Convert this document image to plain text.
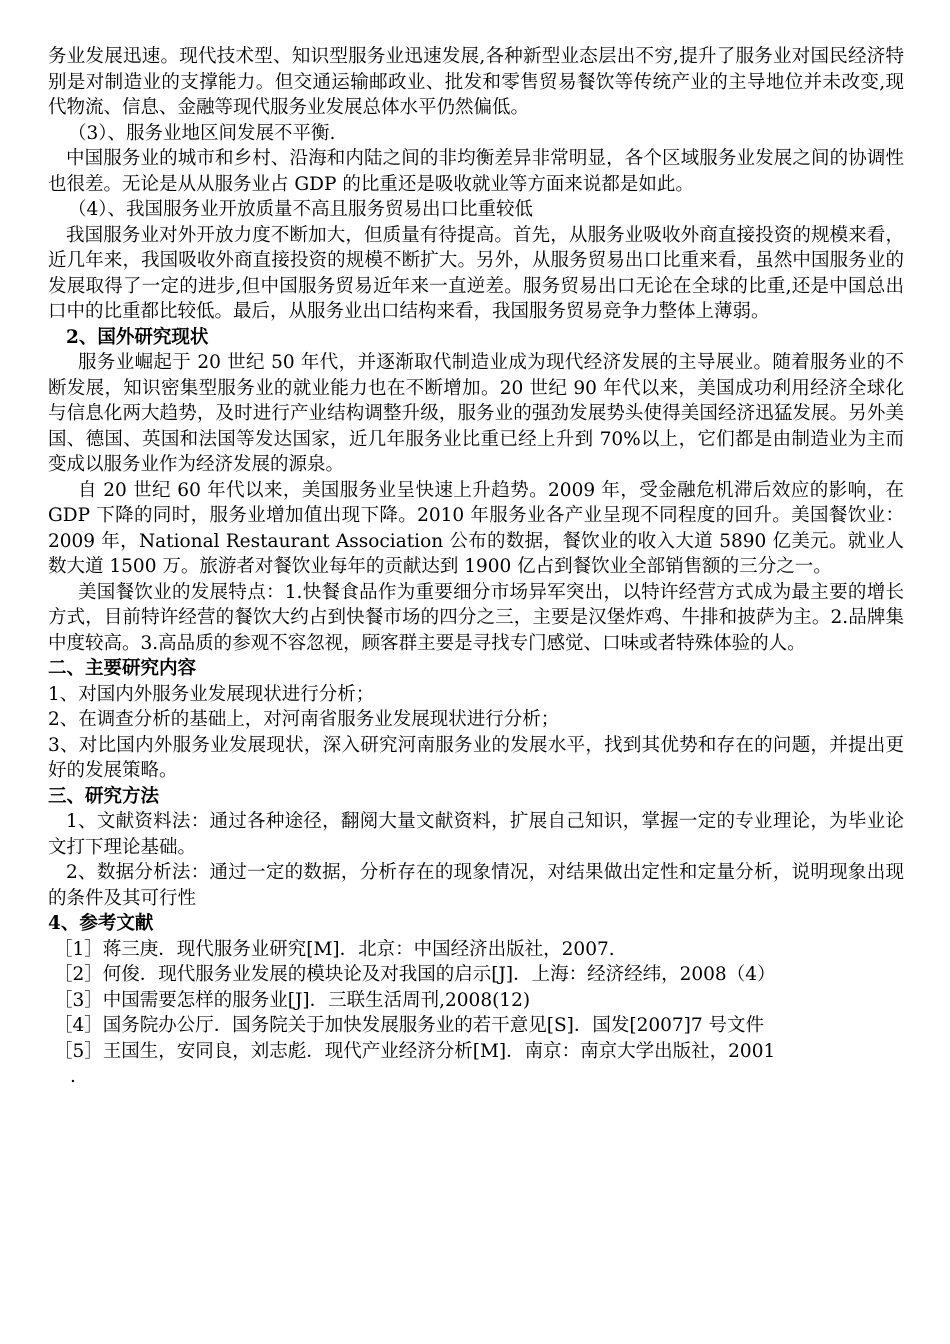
务业发展迅速。现代技术型、知识型服务业迅速发展,各种新型业态层出不穷,提升了服务业对国民经济特别是对制造业的支撑能力。但交通运输邮政业、批发和零售贸易餐饮等传统产业的主导地位并未改变,现代物流、信息、金融等现代服务业发展总体水平仍然偏低。

（3）、服务业地区间发展不平衡.

中国服务业的城市和乡村、沿海和内陆之间的非均衡差异非常明显，各个区域服务业发展之间的协调性也很差。无论是从从服务业占 GDP 的比重还是吸收就业等方面来说都是如此。

（4）、我国服务业开放质量不高且服务贸易出口比重较低

我国服务业对外开放力度不断加大，但质量有待提高。首先，从服务业吸收外商直接投资的规模来看，近几年来，我国吸收外商直接投资的规模不断扩大。另外，从服务贸易出口比重来看，虽然中国服务业的发展取得了一定的进步,但中国服务贸易近年来一直逆差。服务贸易出口无论在全球的比重,还是中国总出口中的比重都比较低。最后，从服务业出口结构来看，我国服务贸易竞争力整体上薄弱。

2、国外研究现状

服务业崛起于 20 世纪 50 年代，并逐渐取代制造业成为现代经济发展的主导展业。随着服务业的不断发展，知识密集型服务业的就业能力也在不断增加。20 世纪 90 年代以来，美国成功利用经济全球化与信息化两大趋势，及时进行产业结构调整升级，服务业的强劲发展势头使得美国经济迅猛发展。另外美国、德国、英国和法国等发达国家，近几年服务业比重已经上升到 70%以上，它们都是由制造业为主而变成以服务业作为经济发展的源泉。

自 20 世纪 60 年代以来，美国服务业呈快速上升趋势。2009 年，受金融危机滞后效应的影响，在 GDP 下降的同时，服务业增加值出现下降。2010 年服务业各产业呈现不同程度的回升。美国餐饮业：2009 年，National Restaurant Association 公布的数据，餐饮业的收入大道 5890 亿美元。就业人数大道 1500 万。旅游者对餐饮业每年的贡献达到 1900 亿占到餐饮业全部销售额的三分之一。

美国餐饮业的发展特点：1.快餐食品作为重要细分市场异军突出，以特许经营方式成为最主要的增长方式，目前特许经营的餐饮大约占到快餐市场的四分之三，主要是汉堡炸鸡、牛排和披萨为主。2.品牌集中度较高。3.高品质的参观不容忽视，顾客群主要是寻找专门感觉、口味或者特殊体验的人。

二、主要研究内容

1、对国内外服务业发展现状进行分析；

2、在调查分析的基础上，对河南省服务业发展现状进行分析；

3、对比国内外服务业发展现状，深入研究河南服务业的发展水平，找到其优势和存在的问题，并提出更好的发展策略。

三、研究方法

1、文献资料法：通过各种途径，翻阅大量文献资料，扩展自己知识，掌握一定的专业理论，为毕业论文打下理论基础。

2、数据分析法：通过一定的数据，分析存在的现象情况，对结果做出定性和定量分析，说明现象出现的条件及其可行性

4、参考文献

［1］蒋三庚．现代服务业研究[M]．北京：中国经济出版社，2007.

［2］何俊．现代服务业发展的模块论及对我国的启示[J]．上海：经济经纬，2008（4）

［3］中国需要怎样的服务业[J]．三联生活周刊,2008(12)

［4］国务院办公厅．国务院关于加快发展服务业的若干意见[S]．国发[2007]7 号文件

［5］王国生，安同良，刘志彪．现代产业经济分析[M]．南京：南京大学出版社，2001

.
